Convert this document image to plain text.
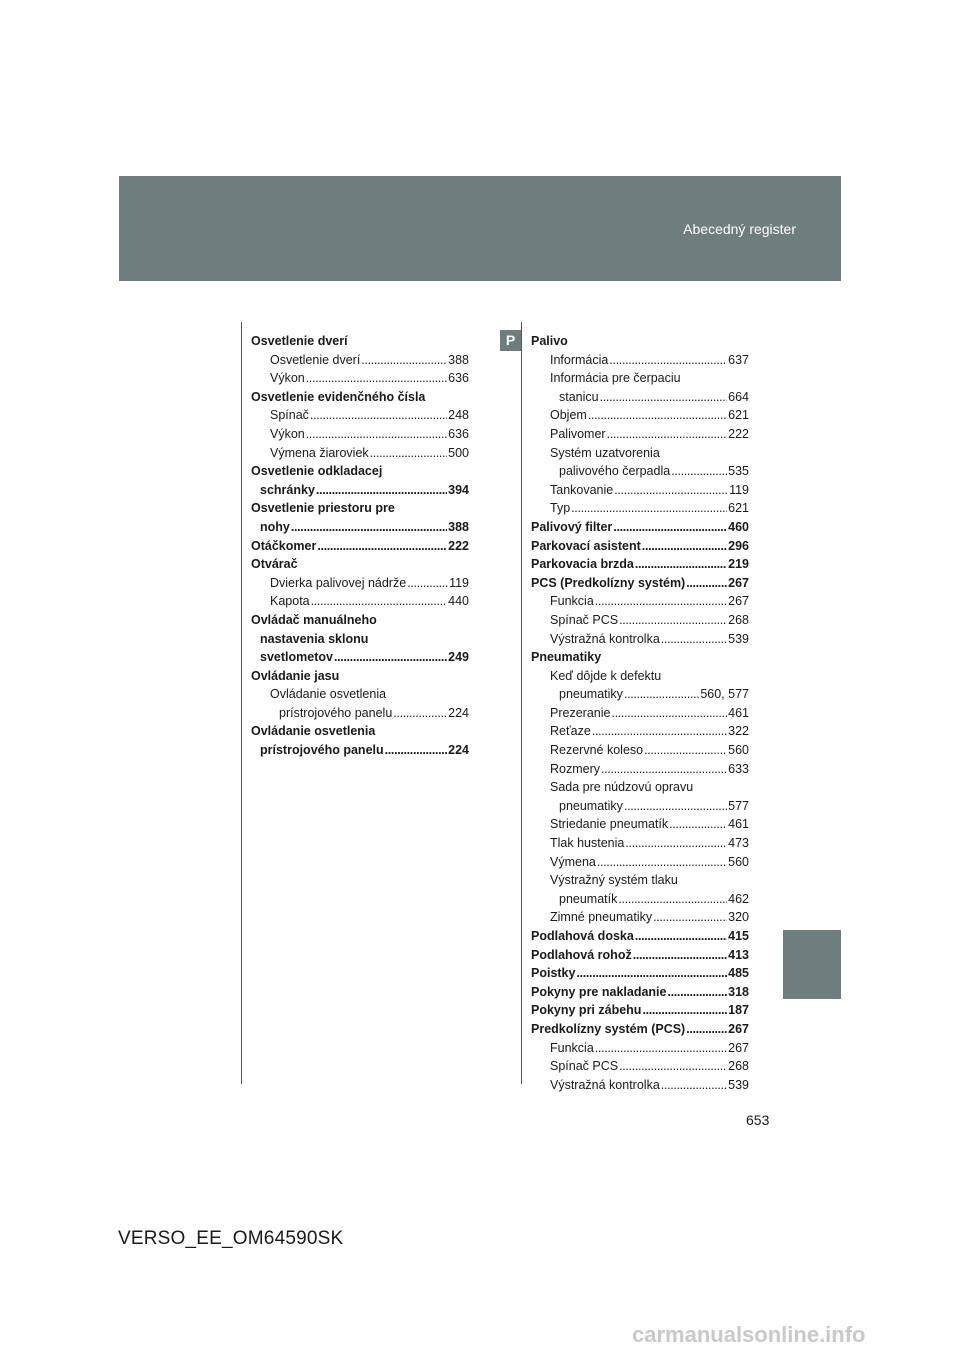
Abecedný register
P
Osvetlenie dverí
Osvetlenie dverí . . .	388
Výkon . . .	636
Osvetlenie evidenčného čísla
Spínač . . .	248
Výkon . . .	636
Výmena žiaroviek . . .	500
Osvetlenie odkladacej
schránky . . .	394
Osvetlenie priestoru pre
nohy . . .	388
Otáčkomer . . .	222
Otvárač
Dvierka palivovej nádrže . . .	119
Kapota . . .	440
Ovládač manuálneho
nastavenia sklonu
svetlometov . . .	249
Ovládanie jasu
Ovládanie osvetlenia
prístrojového panelu . . .	224
Ovládanie osvetlenia
prístrojového panelu . . .	224
Palivo
Informácia . . .	637
Informácia pre čerpaciu
stanicu . . .	664
Objem . . .	621
Palivomer . . .	222
Systém uzatvorenia
palivového čerpadla . . .	535
Tankovanie . . .	119
Typ . . .	621
Palivový filter . . .	460
Parkovací asistent . . .	296
Parkovacia brzda . . .	219
PCS (Predkolízny systém) . . .	267
Funkcia . . .	267
Spínač PCS . . .	268
Výstražná kontrolka . . .	539
Pneumatiky
Keď dôjde k defektu
pneumatiky . . .	560, 577
Prezeranie . . .	461
Reťaze . . .	322
Rezervné koleso . . .	560
Rozmery . . .	633
Sada pre núdzovú opravu
pneumatiky . . .	577
Striedanie pneumatík . . .	461
Tlak hustenia . . .	473
Výmena . . .	560
Výstražný systém tlaku
pneumatík . . .	462
Zimné pneumatiky . . .	320
Podlahová doska . . .	415
Podlahová rohož . . .	413
Poistky . . .	485
Pokyny pre nakladanie . . .	318
Pokyny pri zábehu . . .	187
Predkolízny systém (PCS) . . .	267
Funkcia . . .	267
Spínač PCS . . .	268
Výstražná kontrolka . . .	539
653
VERSO_EE_OM64590SK
carmanualsonline.info
